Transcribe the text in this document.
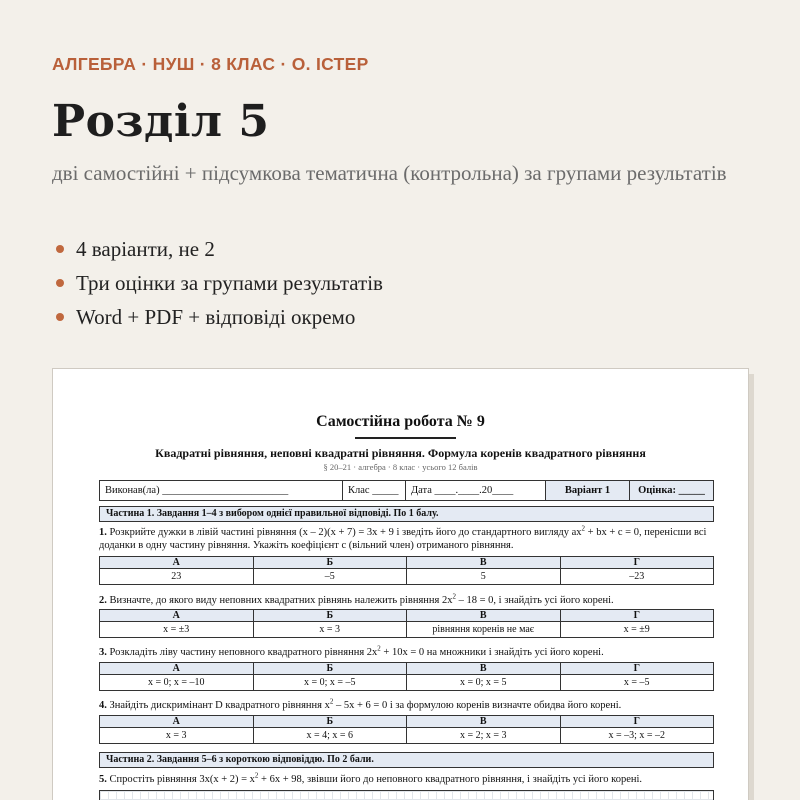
АЛГЕБРА · НУШ · 8 КЛАС · О. ІСТЕР
Розділ 5

дві самостійні + підсумкова тематична (контрольна) за групами результатів

4 варіанти, не 2
Три оцінки за групами результатів
Word + PDF + відповіді окремо
Самостійна робота № 9
Квадратні рівняння, неповні квадратні рівняння. Формула коренів квадратного рівняння
§ 20–21 · алгебра · 8 клас · усього 12 балів
Виконав(ла) ________________________	Клас _____	Дата ____.____.20____	Варіант 1	Оцінка: _____
Частина 1. Завдання 1–4 з вибором однієї правильної відповіді. По 1 балу.
1. Розкрийте дужки в лівій частині рівняння (x – 2)(x + 7) = 3x + 9 і зведіть його до стандартного вигляду $ax^2$ + bx + c = 0, перенісши всі доданки в одну частину рівняння. Укажіть коефіцієнт c (вільний член) отриманого рівняння.
А	Б	В	Г
23	–5	5	–23
2. Визначте, до якого виду неповних квадратних рівнянь належить рівняння $2x^2 - 18 = 0$, і знайдіть усі його корені.
А	Б	В	Г
x = ±3	x = 3	рівняння коренів не має	x = ±9
3. Розкладіть ліву частину неповного квадратного рівняння $2x^2 + 10x = 0$ на множники і знайдіть усі його корені.
А	Б	В	Г
x = 0; x = –10	x = 0; x = –5	x = 0; x = 5	x = –5
4. Знайдіть дискримінант D квадратного рівняння $x^2 - 5x + 6 = 0$ і за формулою коренів визначте обидва його корені.
А	Б	В	Г
x = 3	x = 4; x = 6	x = 2; x = 3	x = –3; x = –2
Частина 2. Завдання 5–6 з короткою відповіддю. По 2 бали.
5. Спростіть рівняння $3x(x + 2) = x^2 + 6x + 98$, звівши його до неповного квадратного рівняння, і знайдіть усі його корені.
